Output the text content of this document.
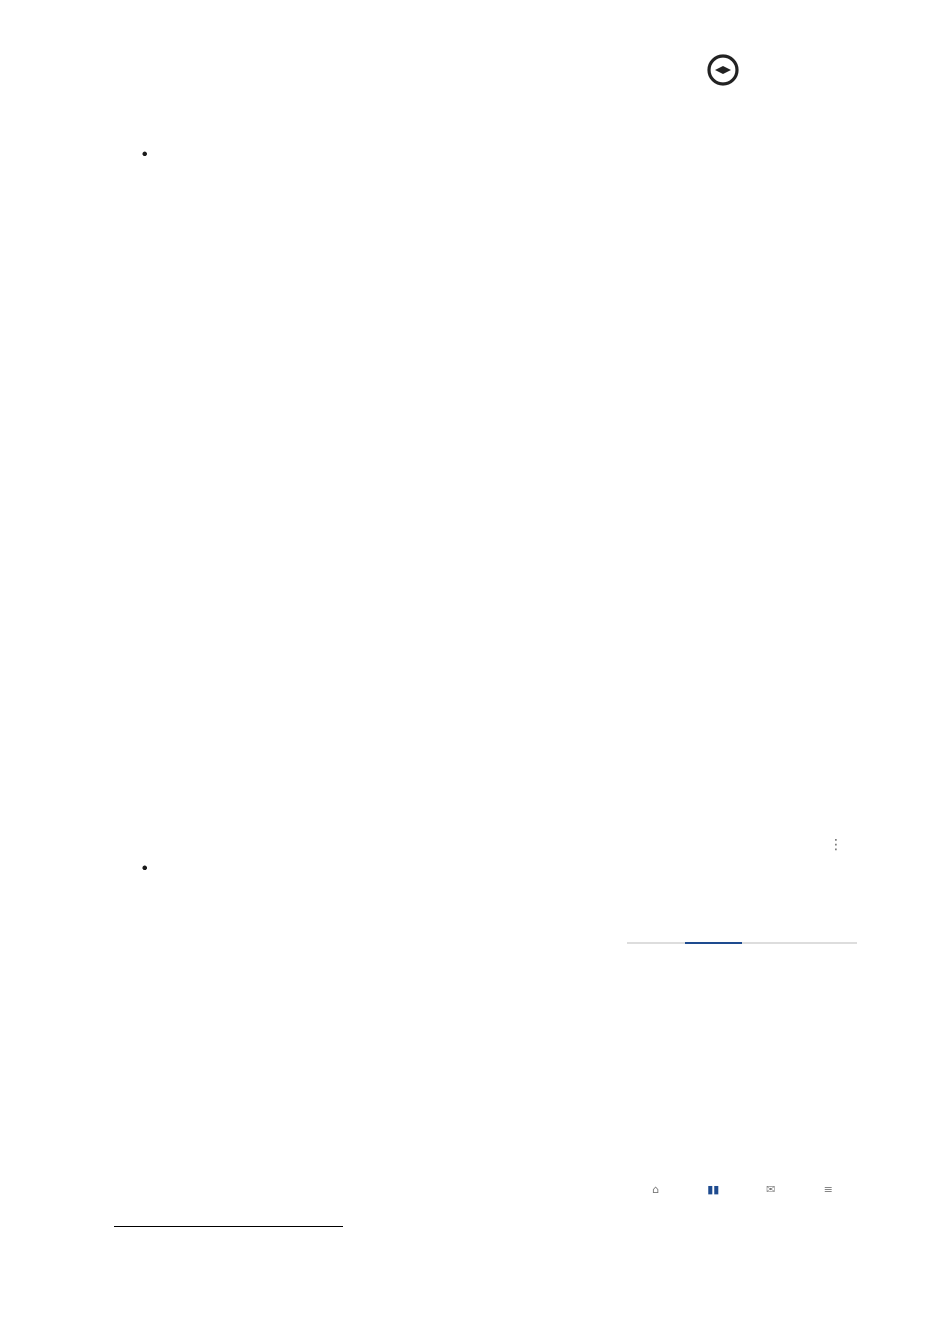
⋮
⌂	▮▮	✉	≡
